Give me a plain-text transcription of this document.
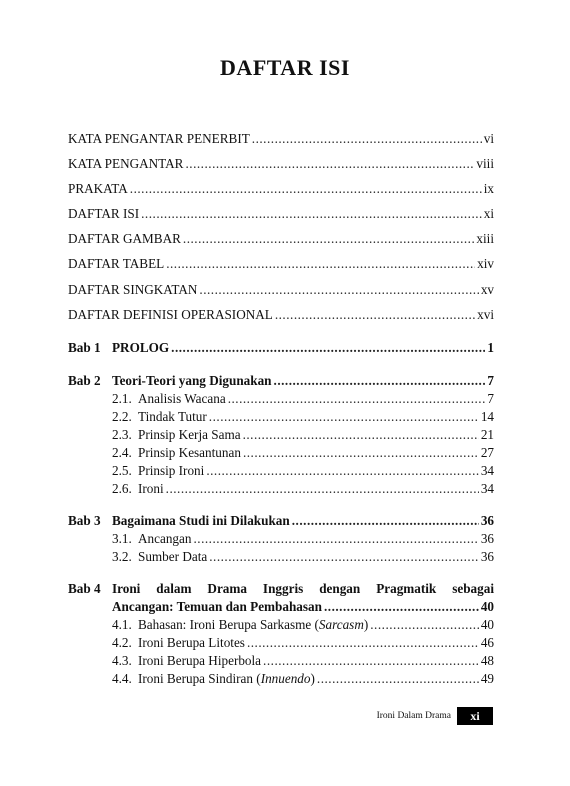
DAFTAR ISI
KATA PENGANTAR PENERBIT .....	vi
KATA PENGANTAR .....	viii
PRAKATA .....	ix
DAFTAR ISI .....	xi
DAFTAR GAMBAR .....	xiii
DAFTAR TABEL .....	xiv
DAFTAR SINGKATAN .....	xv
DAFTAR DEFINISI OPERASIONAL .....	xvi
Bab 1 PROLOG .....	1
Bab 2 Teori-Teori yang Digunakan .....	7
2.1. Analisis Wacana .....	7
2.2. Tindak Tutur .....	14
2.3. Prinsip Kerja Sama .....	21
2.4. Prinsip Kesantunan .....	27
2.5. Prinsip Ironi .....	34
2.6. Ironi .....	34
Bab 3 Bagaimana Studi ini Dilakukan .....	36
3.1. Ancangan .....	36
3.2. Sumber Data .....	36
Bab 4 Ironi dalam Drama Inggris dengan Pragmatik sebagai
Ancangan: Temuan dan Pembahasan .....	40
4.1. Bahasan: Ironi Berupa Sarkasme (Sarcasm) .....	40
4.2. Ironi Berupa Litotes .....	46
4.3. Ironi Berupa Hiperbola .....	48
4.4. Ironi Berupa Sindiran (Innuendo) .....	49
Ironi Dalam Drama	xi
